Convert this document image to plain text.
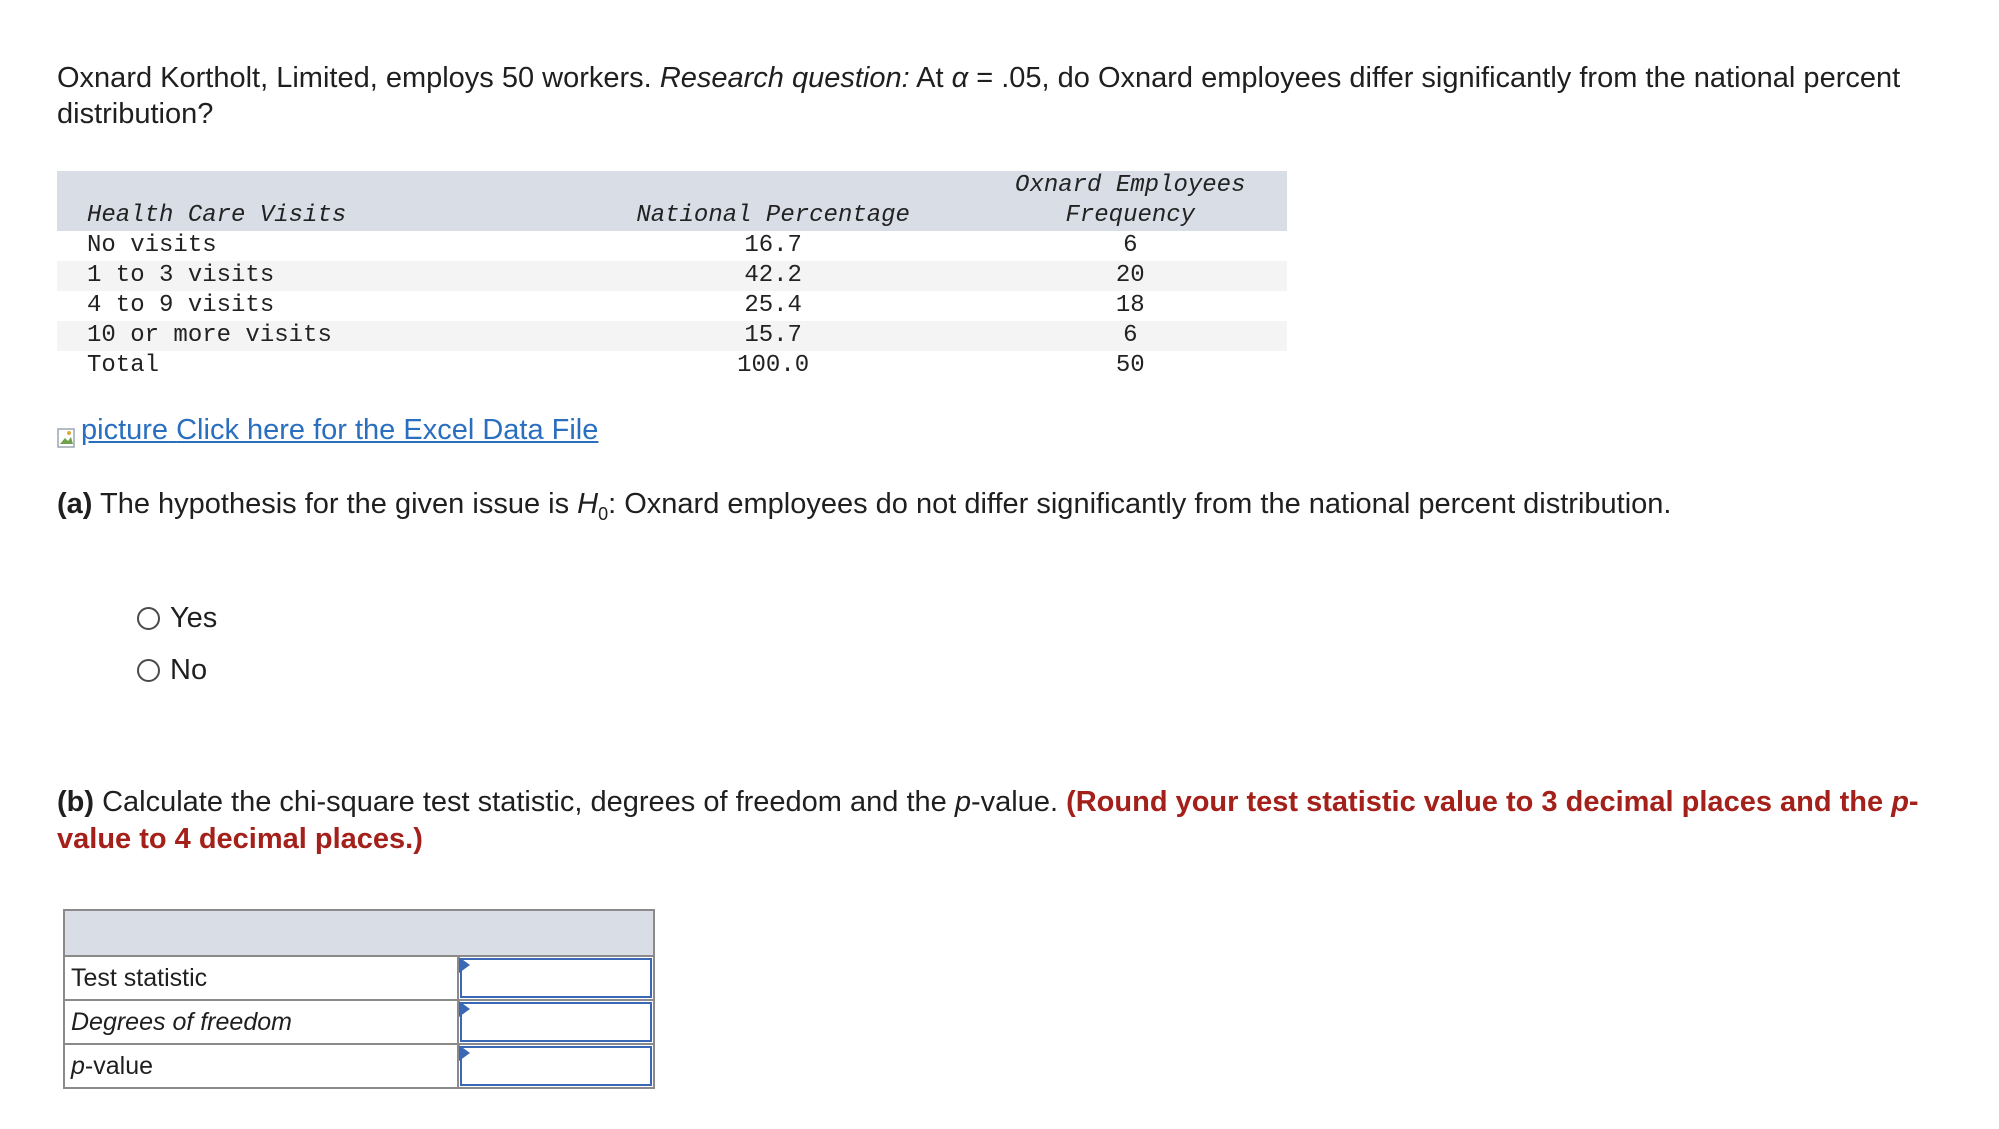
Oxnard Kortholt, Limited, employs 50 workers. Research question: At α = .05, do Oxnard employees differ significantly from the national percent distribution?
Health Care Visits	National Percentage	Oxnard Employees
Frequency

No visits	16.7	6
1 to 3 visits	42.2	20
4 to 9 visits	25.4	18
10 or more visits	15.7	6
Total	100.0	50
picture
Click here for the Excel Data File
(a) The hypothesis for the given issue is $H_0$: Oxnard employees do not differ significantly from the national percent distribution.
Yes
No
(b) Calculate the chi-square test statistic, degrees of freedom and the p-value. (Round your test statistic value to 3 decimal places and the p-value to 4 decimal places.)

Test statistic	

Degrees of freedom	

p-value	
